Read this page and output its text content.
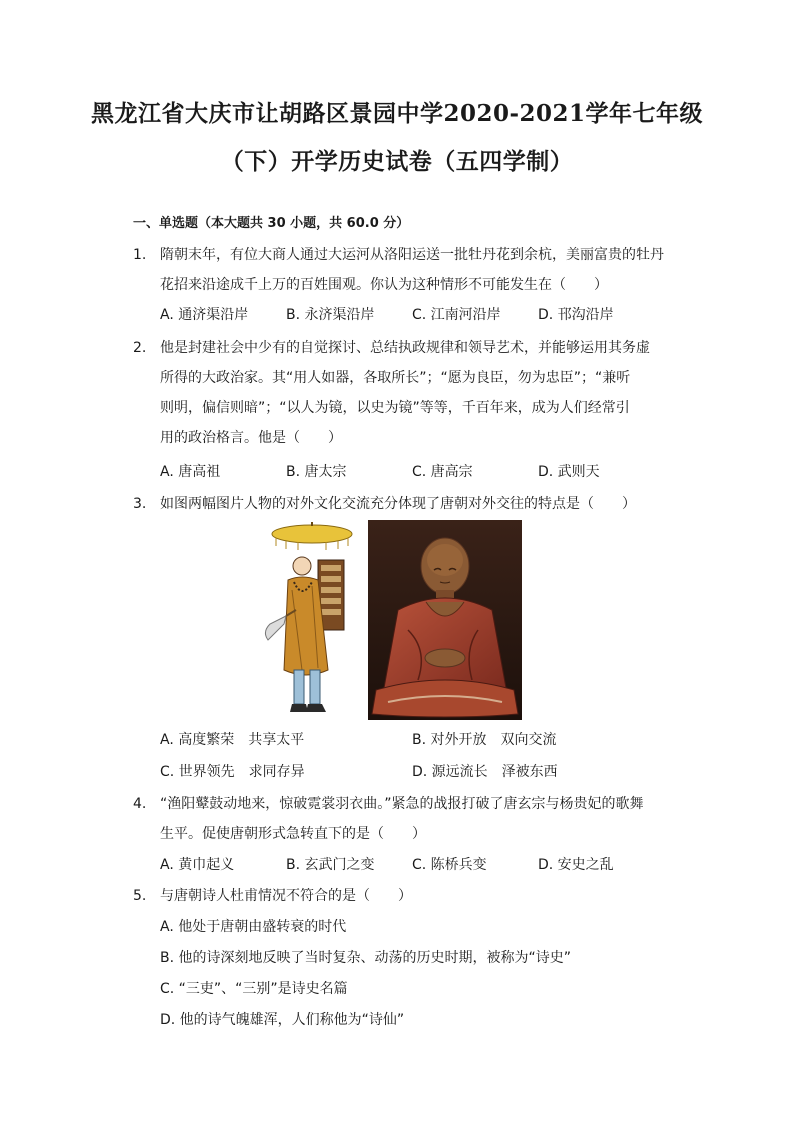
黑龙江省大庆市让胡路区景园中学2020-2021学年七年级
（下）开学历史试卷（五四学制）
一、单选题（本大题共 30 小题，共 60.0 分）
1. 隋朝末年，有位大商人通过大运河从洛阳运送一批牡丹花到余杭，美丽富贵的牡丹
花招来沿途成千上万的百姓围观。你认为这种情形不可能发生在（　　）
A. 通济渠沿岸	B. 永济渠沿岸	C. 江南河沿岸	D. 邗沟沿岸
2. 他是封建社会中少有的自觉探讨、总结执政规律和领导艺术，并能够运用其务虚
所得的大政治家。其“用人如器，各取所长”；“愿为良臣，勿为忠臣”；“兼听
则明，偏信则暗”；“以人为镜，以史为镜”等等，千百年来，成为人们经常引
用的政治格言。他是（　　）
A. 唐高祖	B. 唐太宗	C. 唐高宗	D. 武则天
3. 如图两幅图片人物的对外文化交流充分体现了唐朝对外交往的特点是（　　）
A. 高度繁荣　共享太平	B. 对外开放　双向交流
C. 世界领先　求同存异	D. 源远流长　泽被东西
4. “渔阳鼙鼓动地来，惊破霓裳羽衣曲。”紧急的战报打破了唐玄宗与杨贵妃的歌舞
生平。促使唐朝形式急转直下的是（　　）
A. 黄巾起义	B. 玄武门之变	C. 陈桥兵变	D. 安史之乱
5. 与唐朝诗人杜甫情况不符合的是（　　）
A. 他处于唐朝由盛转衰的时代
B. 他的诗深刻地反映了当时复杂、动荡的历史时期，被称为“诗史”
C. “三吏”、“三别”是诗史名篇
D. 他的诗气魄雄浑，人们称他为“诗仙”
